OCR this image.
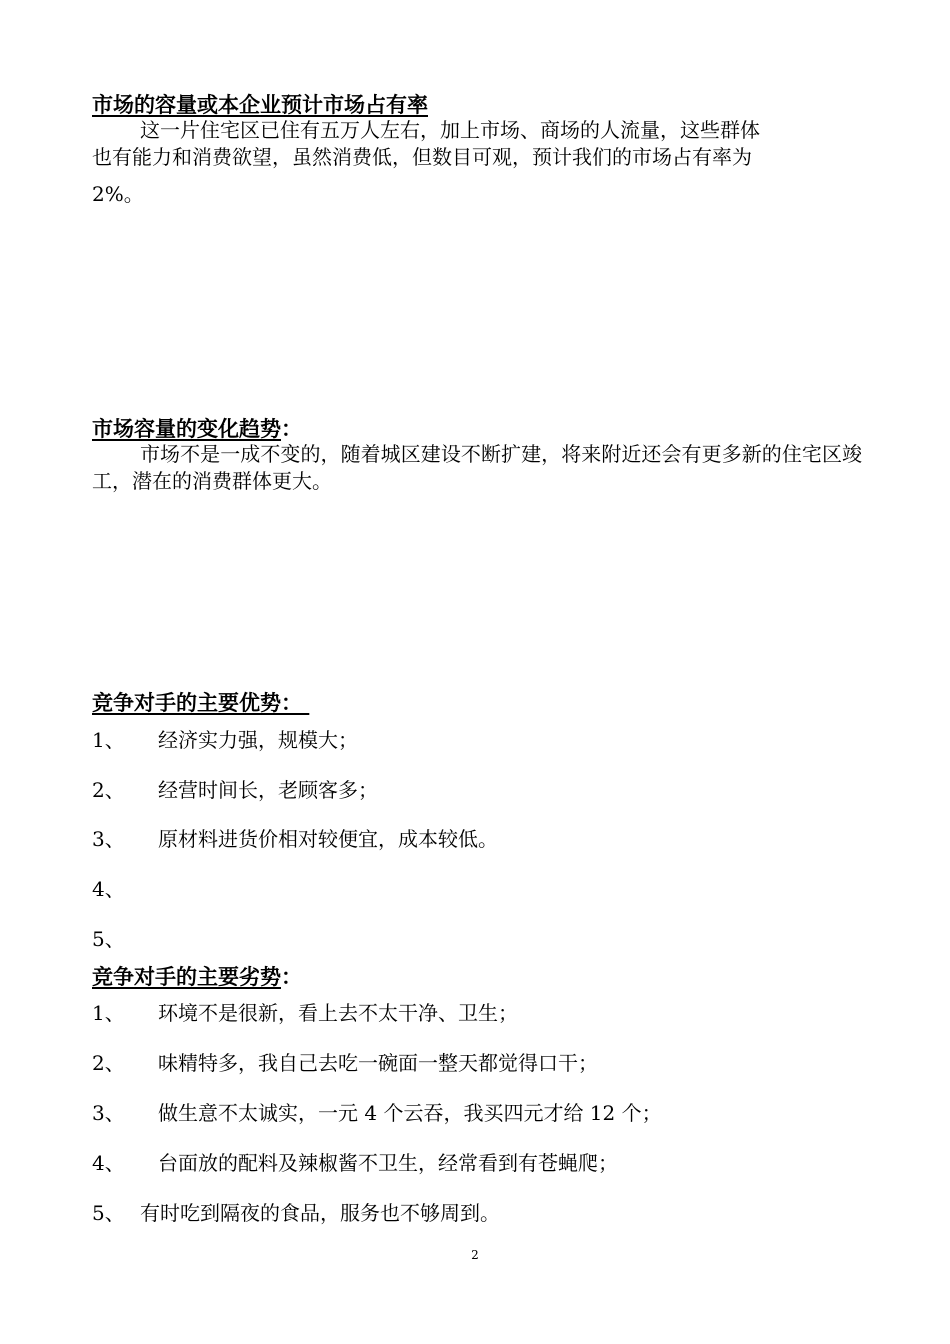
市场的容量或本企业预计市场占有率
这一片住宅区已住有五万人左右，加上市场、商场的人流量，这些群体
也有能力和消费欲望，虽然消费低，但数目可观，预计我们的市场占有率为
2%。
市场容量的变化趋势：
市场不是一成不变的，随着城区建设不断扩建，将来附近还会有更多新的住宅区竣工，潜在的消费群体更大。
竞争对手的主要优势：
1、 经济实力强，规模大；
2、 经营时间长，老顾客多；
3、 原材料进货价相对较便宜，成本较低。
4、
5、
竞争对手的主要劣势：
1、 环境不是很新，看上去不太干净、卫生；
2、 味精特多，我自己去吃一碗面一整天都觉得口干；
3、 做生意不太诚实，一元 4 个云吞，我买四元才给 12 个；
4、 台面放的配料及辣椒酱不卫生，经常看到有苍蝇爬；
5、 有时吃到隔夜的食品，服务也不够周到。
2
